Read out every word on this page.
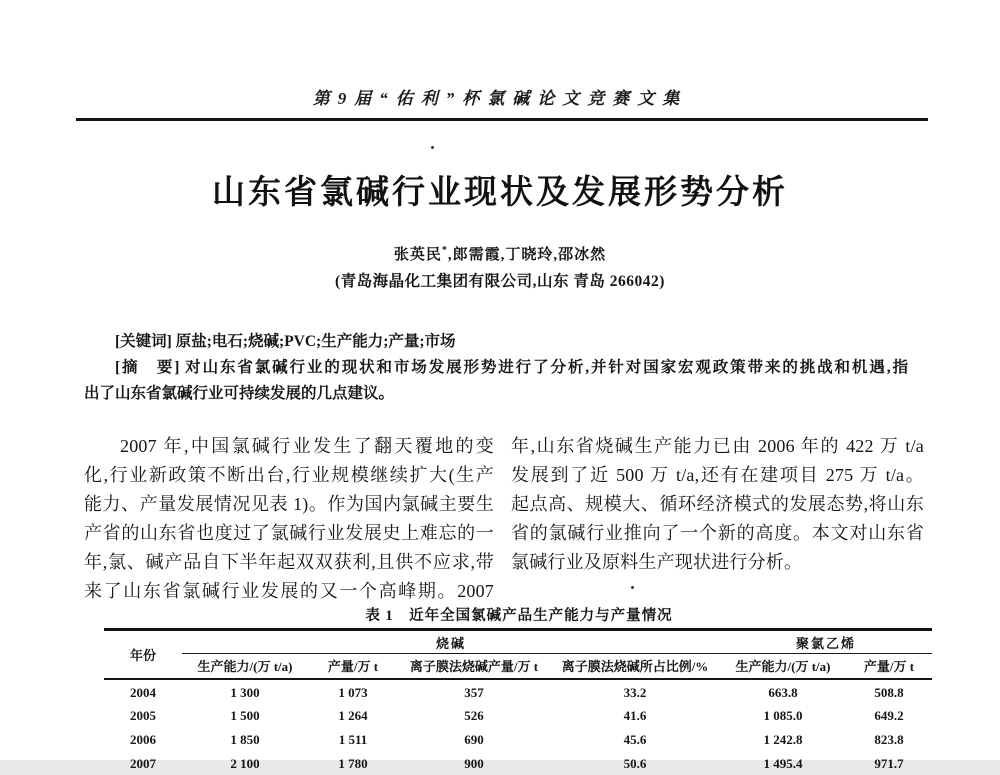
第9届“佑利”杯氯碱论文竞赛文集
山东省氯碱行业现状及发展形势分析
张英民*,郎需霞,丁晓玲,邵冰然
(青岛海晶化工集团有限公司,山东 青岛 266042)
[关键词] 原盐;电石;烧碱;PVC;生产能力;产量;市场
[摘　要] 对山东省氯碱行业的现状和市场发展形势进行了分析,并针对国家宏观政策带来的挑战和机遇,指
出了山东省氯碱行业可持续发展的几点建议。
2007 年,中国氯碱行业发生了翻天覆地的变
化,行业新政策不断出台,行业规模继续扩大(生产
能力、产量发展情况见表 1)。作为国内氯碱主要生
产省的山东省也度过了氯碱行业发展史上难忘的一
年,氯、碱产品自下半年起双双获利,且供不应求,带
来了山东省氯碱行业发展的又一个高峰期。2007
年,山东省烧碱生产能力已由 2006 年的 422 万 t/a
发展到了近 500 万 t/a,还有在建项目 275 万 t/a。
起点高、规模大、循环经济模式的发展态势,将山东
省的氯碱行业推向了一个新的高度。本文对山东省
氯碱行业及原料生产现状进行分析。
表 1　近年全国氯碱产品生产能力与产量情况
年份	烧碱				聚氯乙烯	
	生产能力/(万 t/a)	产量/万 t	离子膜法烧碱产量/万 t	离子膜法烧碱所占比例/%	生产能力/(万 t/a)	产量/万 t
2004	1 300	1 073	357	33.2	663.8	508.8
2005	1 500	1 264	526	41.6	1 085.0	649.2
2006	1 850	1 511	690	45.6	1 242.8	823.8
2007	2 100	1 780	900	50.6	1 495.4	971.7
